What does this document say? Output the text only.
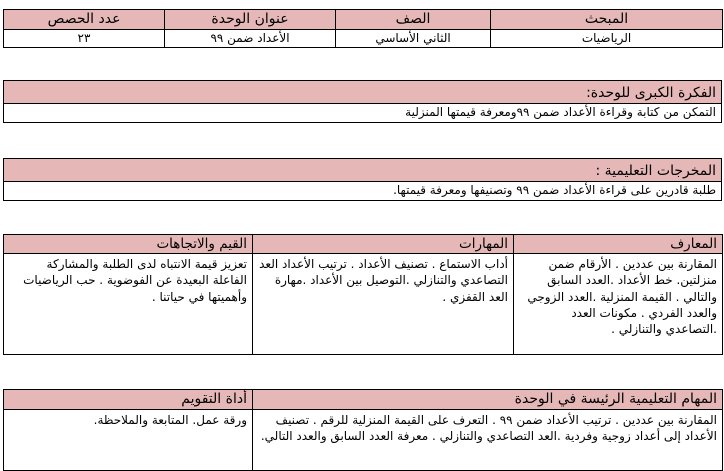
المبحث	الصف	عنوان الوحدة	عدد الحصص
الرياضيات	الثاني الأساسي	الأعداد ضمن ٩٩	٢٣
الفكرة الكبرى للوحدة:
التمكن من كتابة وقراءة الأعداد ضمن ٩٩ومعرفة قيمتها المنزلية
المخرجات التعليمية :
طلبة قادرين على قراءة الأعداد ضمن ٩٩ وتصنيفها ومعرفة قيمتها.
المعارف	المهارات	القيم والاتجاهات
المقارنة بين عددين . الأرقام ضمن منزلتين. خط الأعداد .العدد السابق والتالي . القيمة المنزلية .العدد الزوجي والعدد الفردي . مكونات العدد .التصاعدي والتنازلي .	أداب الاستماع . تصنيف الأعداد . ترتيب الأعداد العد التصاعدي والتنازلي .التوصيل بين الأعداد .مهارة العد القفزي .	تعزيز قيمة الانتباه لدى الطلبة والمشاركة الفاعلة البعيدة عن الفوضوية . حب الرياضيات وأهميتها في حياتنا .
المهام التعليمية الرئيسة في الوحدة	أداة التقويم
المقارنة بين عددين . ترتيب الأعداد ضمن ٩٩ . التعرف على القيمة المنزلية للرقم . تصنيف الأعداد إلى أعداد زوجية وفردية .العد التصاعدي والتنازلي . معرفة العدد السابق والعدد التالي.	ورقة عمل. المتابعة والملاحظة.
